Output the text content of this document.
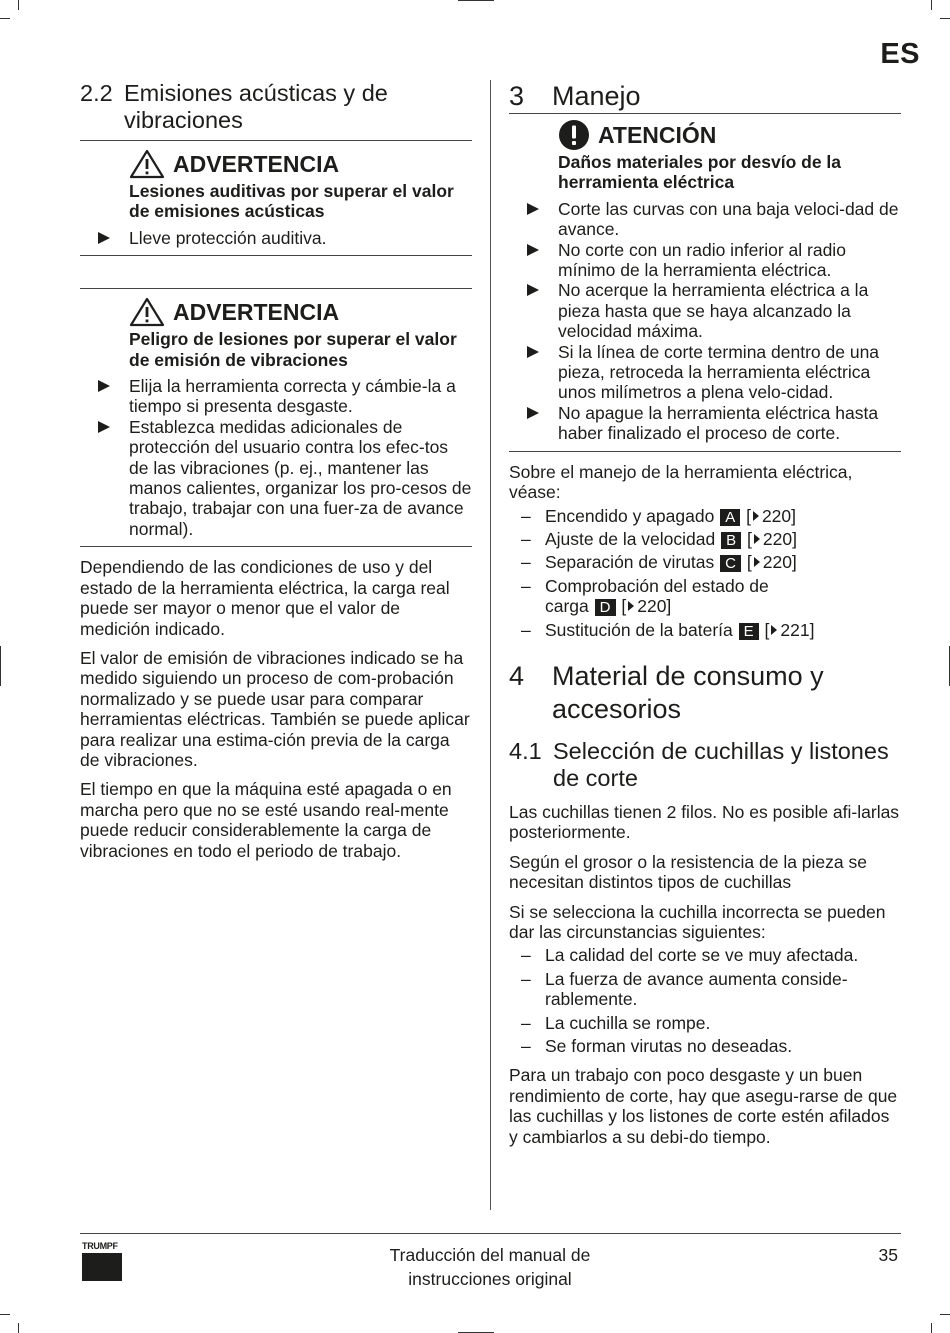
ES
2.2 Emisiones acústicas y de vibraciones
ADVERTENCIA
Lesiones auditivas por superar el valor de emisiones acústicas
Lleve protección auditiva.
ADVERTENCIA
Peligro de lesiones por superar el valor de emisión de vibraciones
Elija la herramienta correcta y cámbie-la a tiempo si presenta desgaste.
Establezca medidas adicionales de protección del usuario contra los efec-tos de las vibraciones (p. ej., mantener las manos calientes, organizar los pro-cesos de trabajo, trabajar con una fuer-za de avance normal).

Dependiendo de las condiciones de uso y del estado de la herramienta eléctrica, la carga real puede ser mayor o menor que el valor de medición indicado.

El valor de emisión de vibraciones indicado se ha medido siguiendo un proceso de com-probación normalizado y se puede usar para comparar herramientas eléctricas. También se puede aplicar para realizar una estima-ción previa de la carga de vibraciones.

El tiempo en que la máquina esté apagada o en marcha pero que no se esté usando real-mente puede reducir considerablemente la carga de vibraciones en todo el periodo de trabajo.

3	Manejo
ATENCIÓN
Daños materiales por desvío de la herramienta eléctrica
Corte las curvas con una baja veloci-dad de avance.
No corte con un radio inferior al radio mínimo de la herramienta eléctrica.
No acerque la herramienta eléctrica a la pieza hasta que se haya alcanzado la velocidad máxima.
Si la línea de corte termina dentro de una pieza, retroceda la herramienta eléctrica unos milímetros a plena velo-cidad.
No apague la herramienta eléctrica hasta haber finalizado el proceso de corte.

Sobre el manejo de la herramienta eléctrica, véase:

– Encendido y apagado A [ 220]
– Ajuste de la velocidad B [ 220]
– Separación de virutas C [ 220]
– Comprobación del estado de carga D [ 220]
– Sustitución de la batería E [ 221]
4	Material de consumo y accesorios
4.1 Selección de cuchillas y listones de corte

Las cuchillas tienen 2 filos. No es posible afi-larlas posteriormente.

Según el grosor o la resistencia de la pieza se necesitan distintos tipos de cuchillas

Si se selecciona la cuchilla incorrecta se pueden dar las circunstancias siguientes:

– La calidad del corte se ve muy afectada.
– La fuerza de avance aumenta conside-rablemente.
– La cuchilla se rompe.
– Se forman virutas no deseadas.

Para un trabajo con poco desgaste y un buen rendimiento de corte, hay que asegu-rarse de que las cuchillas y los listones de corte estén afilados y cambiarlos a su debi-do tiempo.

TRUMPF	Traducción del manual de instrucciones original
35
